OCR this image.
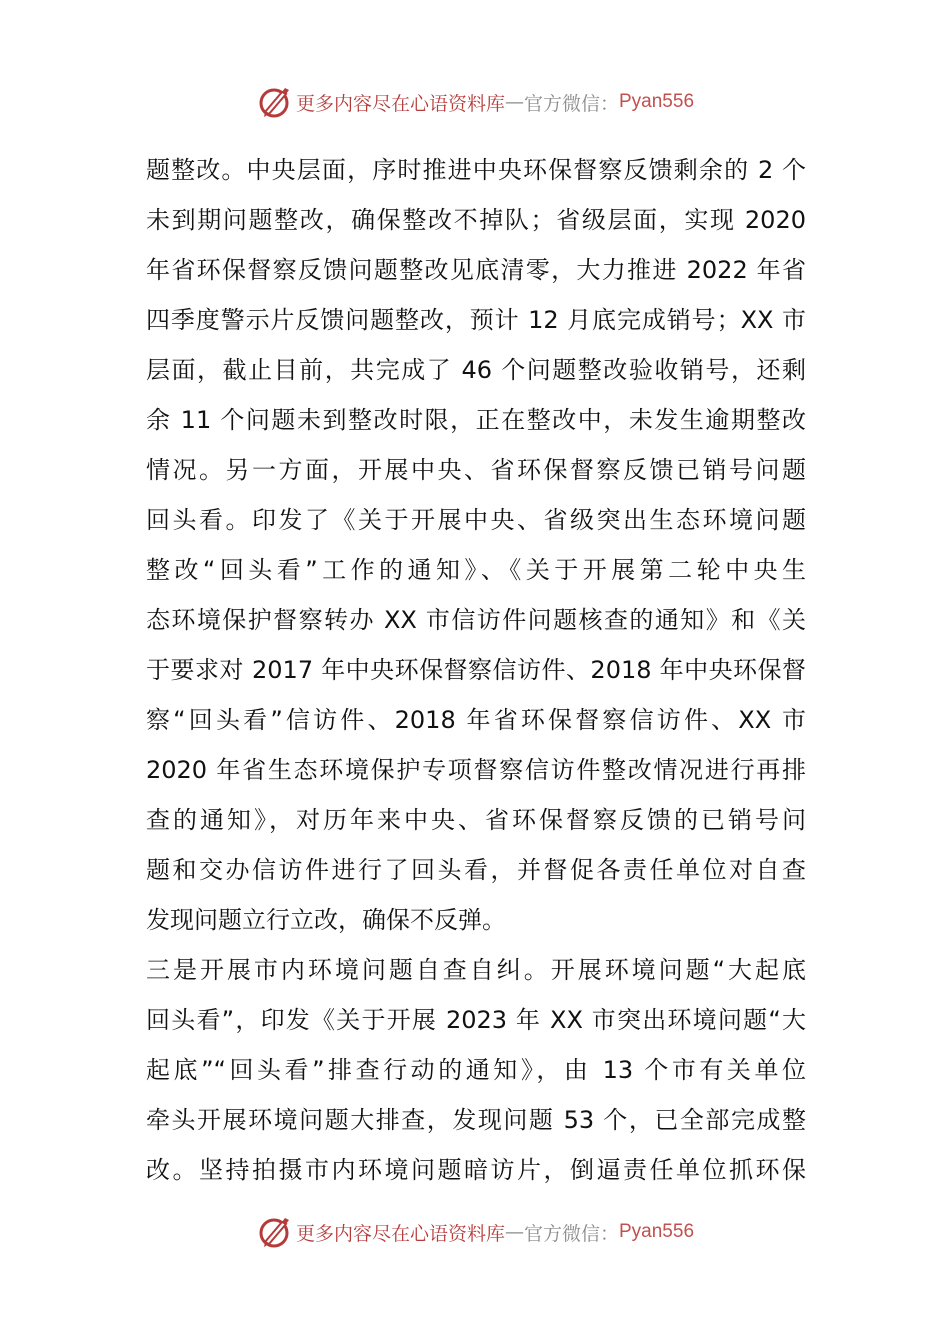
更多内容尽在心语资料库 — 官方微信： Pyan556
题整改。中央层面，序时推进中央环保督察反馈剩余的 2 个
未到期问题整改，确保整改不掉队；省级层面，实现 2020
年省环保督察反馈问题整改见底清零，大力推进 2022 年省
四季度警示片反馈问题整改，预计 12 月底完成销号；XX 市
层面，截止目前，共完成了 46 个问题整改验收销号，还剩
余 11 个问题未到整改时限，正在整改中，未发生逾期整改
情况。另一方面，开展中央、省环保督察反馈已销号问题
回头看。印发了《关于开展中央、省级突出生态环境问题
整改“回头看”工作的通知》、《关于开展第二轮中央生
态环境保护督察转办 XX 市信访件问题核查的通知》和《关
于要求对 2017 年中央环保督察信访件、2018 年中央环保督
察“回头看”信访件、2018 年省环保督察信访件、XX 市
2020 年省生态环境保护专项督察信访件整改情况进行再排
查的通知》，对历年来中央、省环保督察反馈的已销号问
题和交办信访件进行了回头看，并督促各责任单位对自查
发现问题立行立改，确保不反弹。
三是开展市内环境问题自查自纠。开展环境问题“大起底
回头看”，印发《关于开展 2023 年 XX 市突出环境问题“大
起底”“回头看”排查行动的通知》，由 13 个市有关单位
牵头开展环境问题大排查，发现问题 53 个，已全部完成整
改。坚持拍摄市内环境问题暗访片，倒逼责任单位抓环保
更多内容尽在心语资料库 — 官方微信： Pyan556
